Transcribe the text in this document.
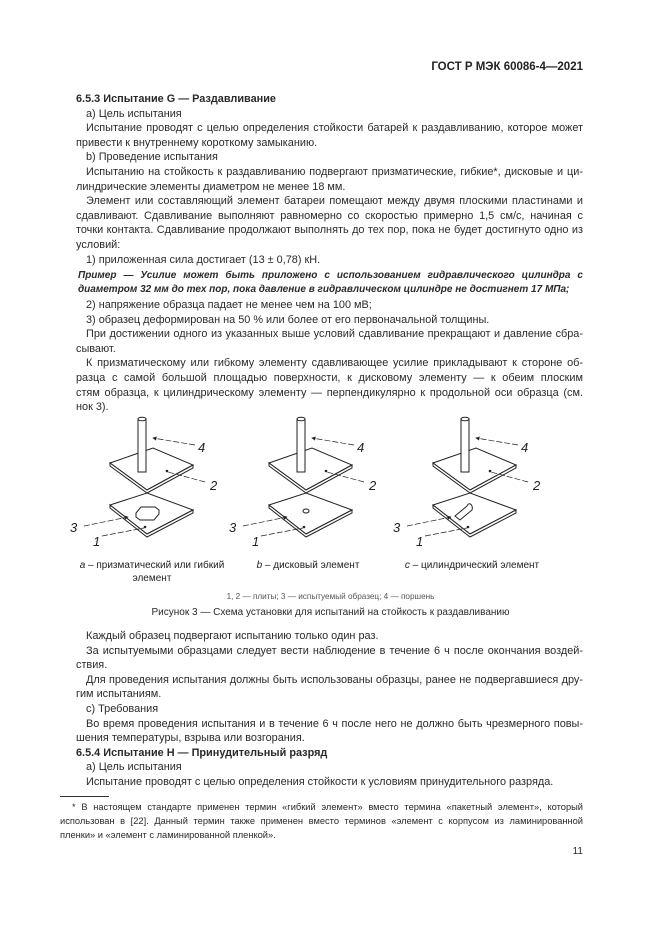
ГОСТ Р МЭК 60086-4—2021
6.5.3 Испытание G — Раздавливание
a) Цель испытания
Испытание проводят с целью определения стойкости батарей к раздавливанию, которое может
привести к внутреннему короткому замыканию.
b) Проведение испытания
Испытанию на стойкость к раздавливанию подвергают призматические, гибкие*, дисковые и ци-
линдрические элементы диаметром не менее 18 мм.
Элемент или составляющий элемент батареи помещают между двумя плоскими пластинами и
сдавливают. Сдавливание выполняют равномерно со скоростью примерно 1,5 см/с, начиная с
точки контакта. Сдавливание продолжают выполнять до тех пор, пока не будет достигнуто одно из
условий:
1) приложенная сила достигает (13 ± 0,78) кН.
Пример — Усилие может быть приложено с использованием гидравлического цилиндра с
диаметром 32 мм до тех пор, пока давление в гидравлическом цилиндре не достигнет 17 МПа;
2) напряжение образца падает не менее чем на 100 мВ;
3) образец деформирован на 50 % или более от его первоначальной толщины.
При достижении одного из указанных выше условий сдавливание прекращают и давление сбра-
сывают.
К призматическому или гибкому элементу сдавливающее усилие прикладывают к стороне об-
разца с самой большой площадью поверхности, к дисковому элементу — к обеим плоским
стям образца, к цилиндрическому элементу — перпендикулярно к продольной оси образца (см.
нок 3).
4
2
3
1
4
2
3
1
4
2
3
1
a – призматический или гибкий
элемент
b – дисковый элемент	c – цилиндрический элемент
1, 2 — плиты; 3 — испытуемый образец; 4 — поршень
Рисунок 3 — Схема установки для испытаний на стойкость к раздавливанию
Каждый образец подвергают испытанию только один раз.
За испытуемыми образцами следует вести наблюдение в течение 6 ч после окончания воздей-
ствия.
Для проведения испытания должны быть использованы образцы, ранее не подвергавшиеся дру-
гим испытаниям.
c) Требования
Во время проведения испытания и в течение 6 ч после него не должно быть чрезмерного повы-
шения температуры, взрыва или возгорания.
6.5.4 Испытание H — Принудительный разряд
a) Цель испытания
Испытание проводят с целью определения стойкости к условиям принудительного разряда.
* В настоящем стандарте применен термин «гибкий элемент» вместо термина «пакетный элемент», который
использован в [22]. Данный термин также применен вместо терминов «элемент с корпусом из ламинированной
пленки» и «элемент с ламинированной пленкой».
11
